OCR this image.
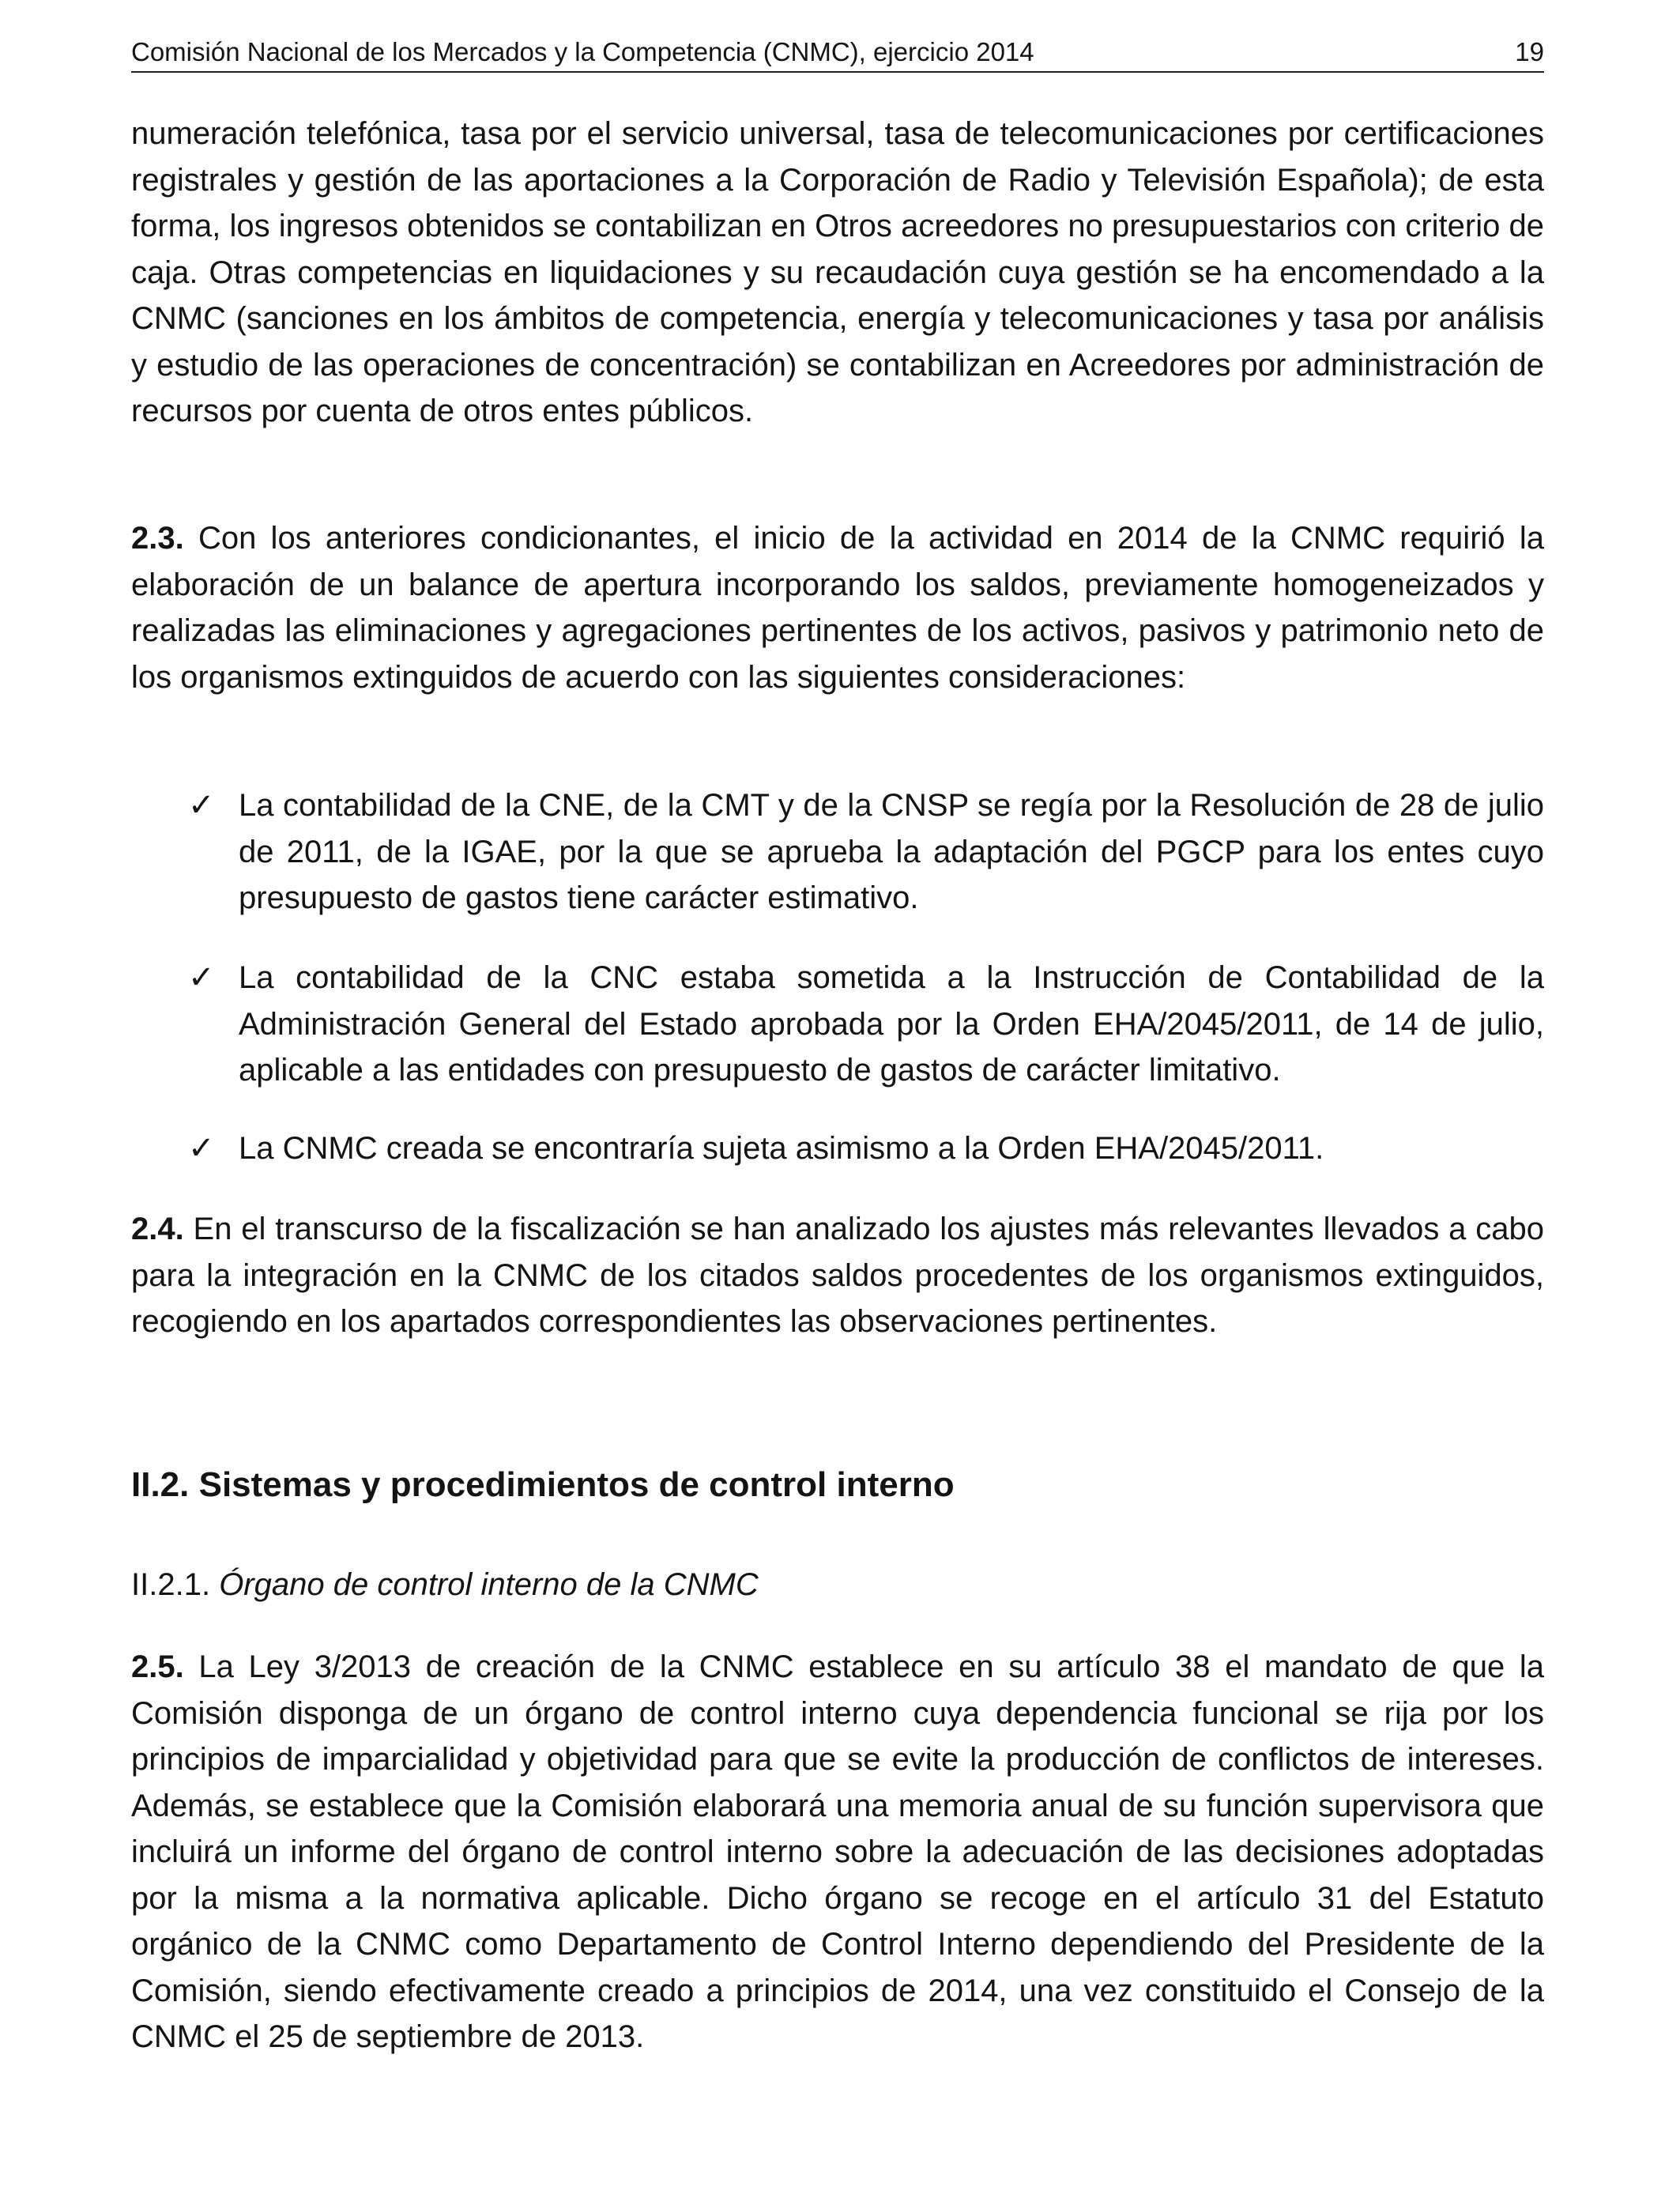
Comisión Nacional de los Mercados y la Competencia (CNMC), ejercicio 2014	19

numeración telefónica, tasa por el servicio universal, tasa de telecomunicaciones por certificaciones registrales y gestión de las aportaciones a la Corporación de Radio y Televisión Española); de esta forma, los ingresos obtenidos se contabilizan en Otros acreedores no presupuestarios con criterio de caja. Otras competencias en liquidaciones y su recaudación cuya gestión se ha encomendado a la CNMC (sanciones en los ámbitos de competencia, energía y telecomunicaciones y tasa por análisis y estudio de las operaciones de concentración) se contabilizan en Acreedores por administración de recursos por cuenta de otros entes públicos.

2.3. Con los anteriores condicionantes, el inicio de la actividad en 2014 de la CNMC requirió la elaboración de un balance de apertura incorporando los saldos, previamente homogeneizados y realizadas las eliminaciones y agregaciones pertinentes de los activos, pasivos y patrimonio neto de los organismos extinguidos de acuerdo con las siguientes consideraciones:

✓ La contabilidad de la CNE, de la CMT y de la CNSP se regía por la Resolución de 28 de julio de 2011, de la IGAE, por la que se aprueba la adaptación del PGCP para los entes cuyo presupuesto de gastos tiene carácter estimativo.

✓ La contabilidad de la CNC estaba sometida a la Instrucción de Contabilidad de la Administración General del Estado aprobada por la Orden EHA/2045/2011, de 14 de julio, aplicable a las entidades con presupuesto de gastos de carácter limitativo.

✓ La CNMC creada se encontraría sujeta asimismo a la Orden EHA/2045/2011.

2.4. En el transcurso de la fiscalización se han analizado los ajustes más relevantes llevados a cabo para la integración en la CNMC de los citados saldos procedentes de los organismos extinguidos, recogiendo en los apartados correspondientes las observaciones pertinentes.

II.2. Sistemas y procedimientos de control interno
II.2.1. Órgano de control interno de la CNMC

2.5. La Ley 3/2013 de creación de la CNMC establece en su artículo 38 el mandato de que la Comisión disponga de un órgano de control interno cuya dependencia funcional se rija por los principios de imparcialidad y objetividad para que se evite la producción de conflictos de intereses. Además, se establece que la Comisión elaborará una memoria anual de su función supervisora que incluirá un informe del órgano de control interno sobre la adecuación de las decisiones adoptadas por la misma a la normativa aplicable. Dicho órgano se recoge en el artículo 31 del Estatuto orgánico de la CNMC como Departamento de Control Interno dependiendo del Presidente de la Comisión, siendo efectivamente creado a principios de 2014, una vez constituido el Consejo de la CNMC el 25 de septiembre de 2013.
